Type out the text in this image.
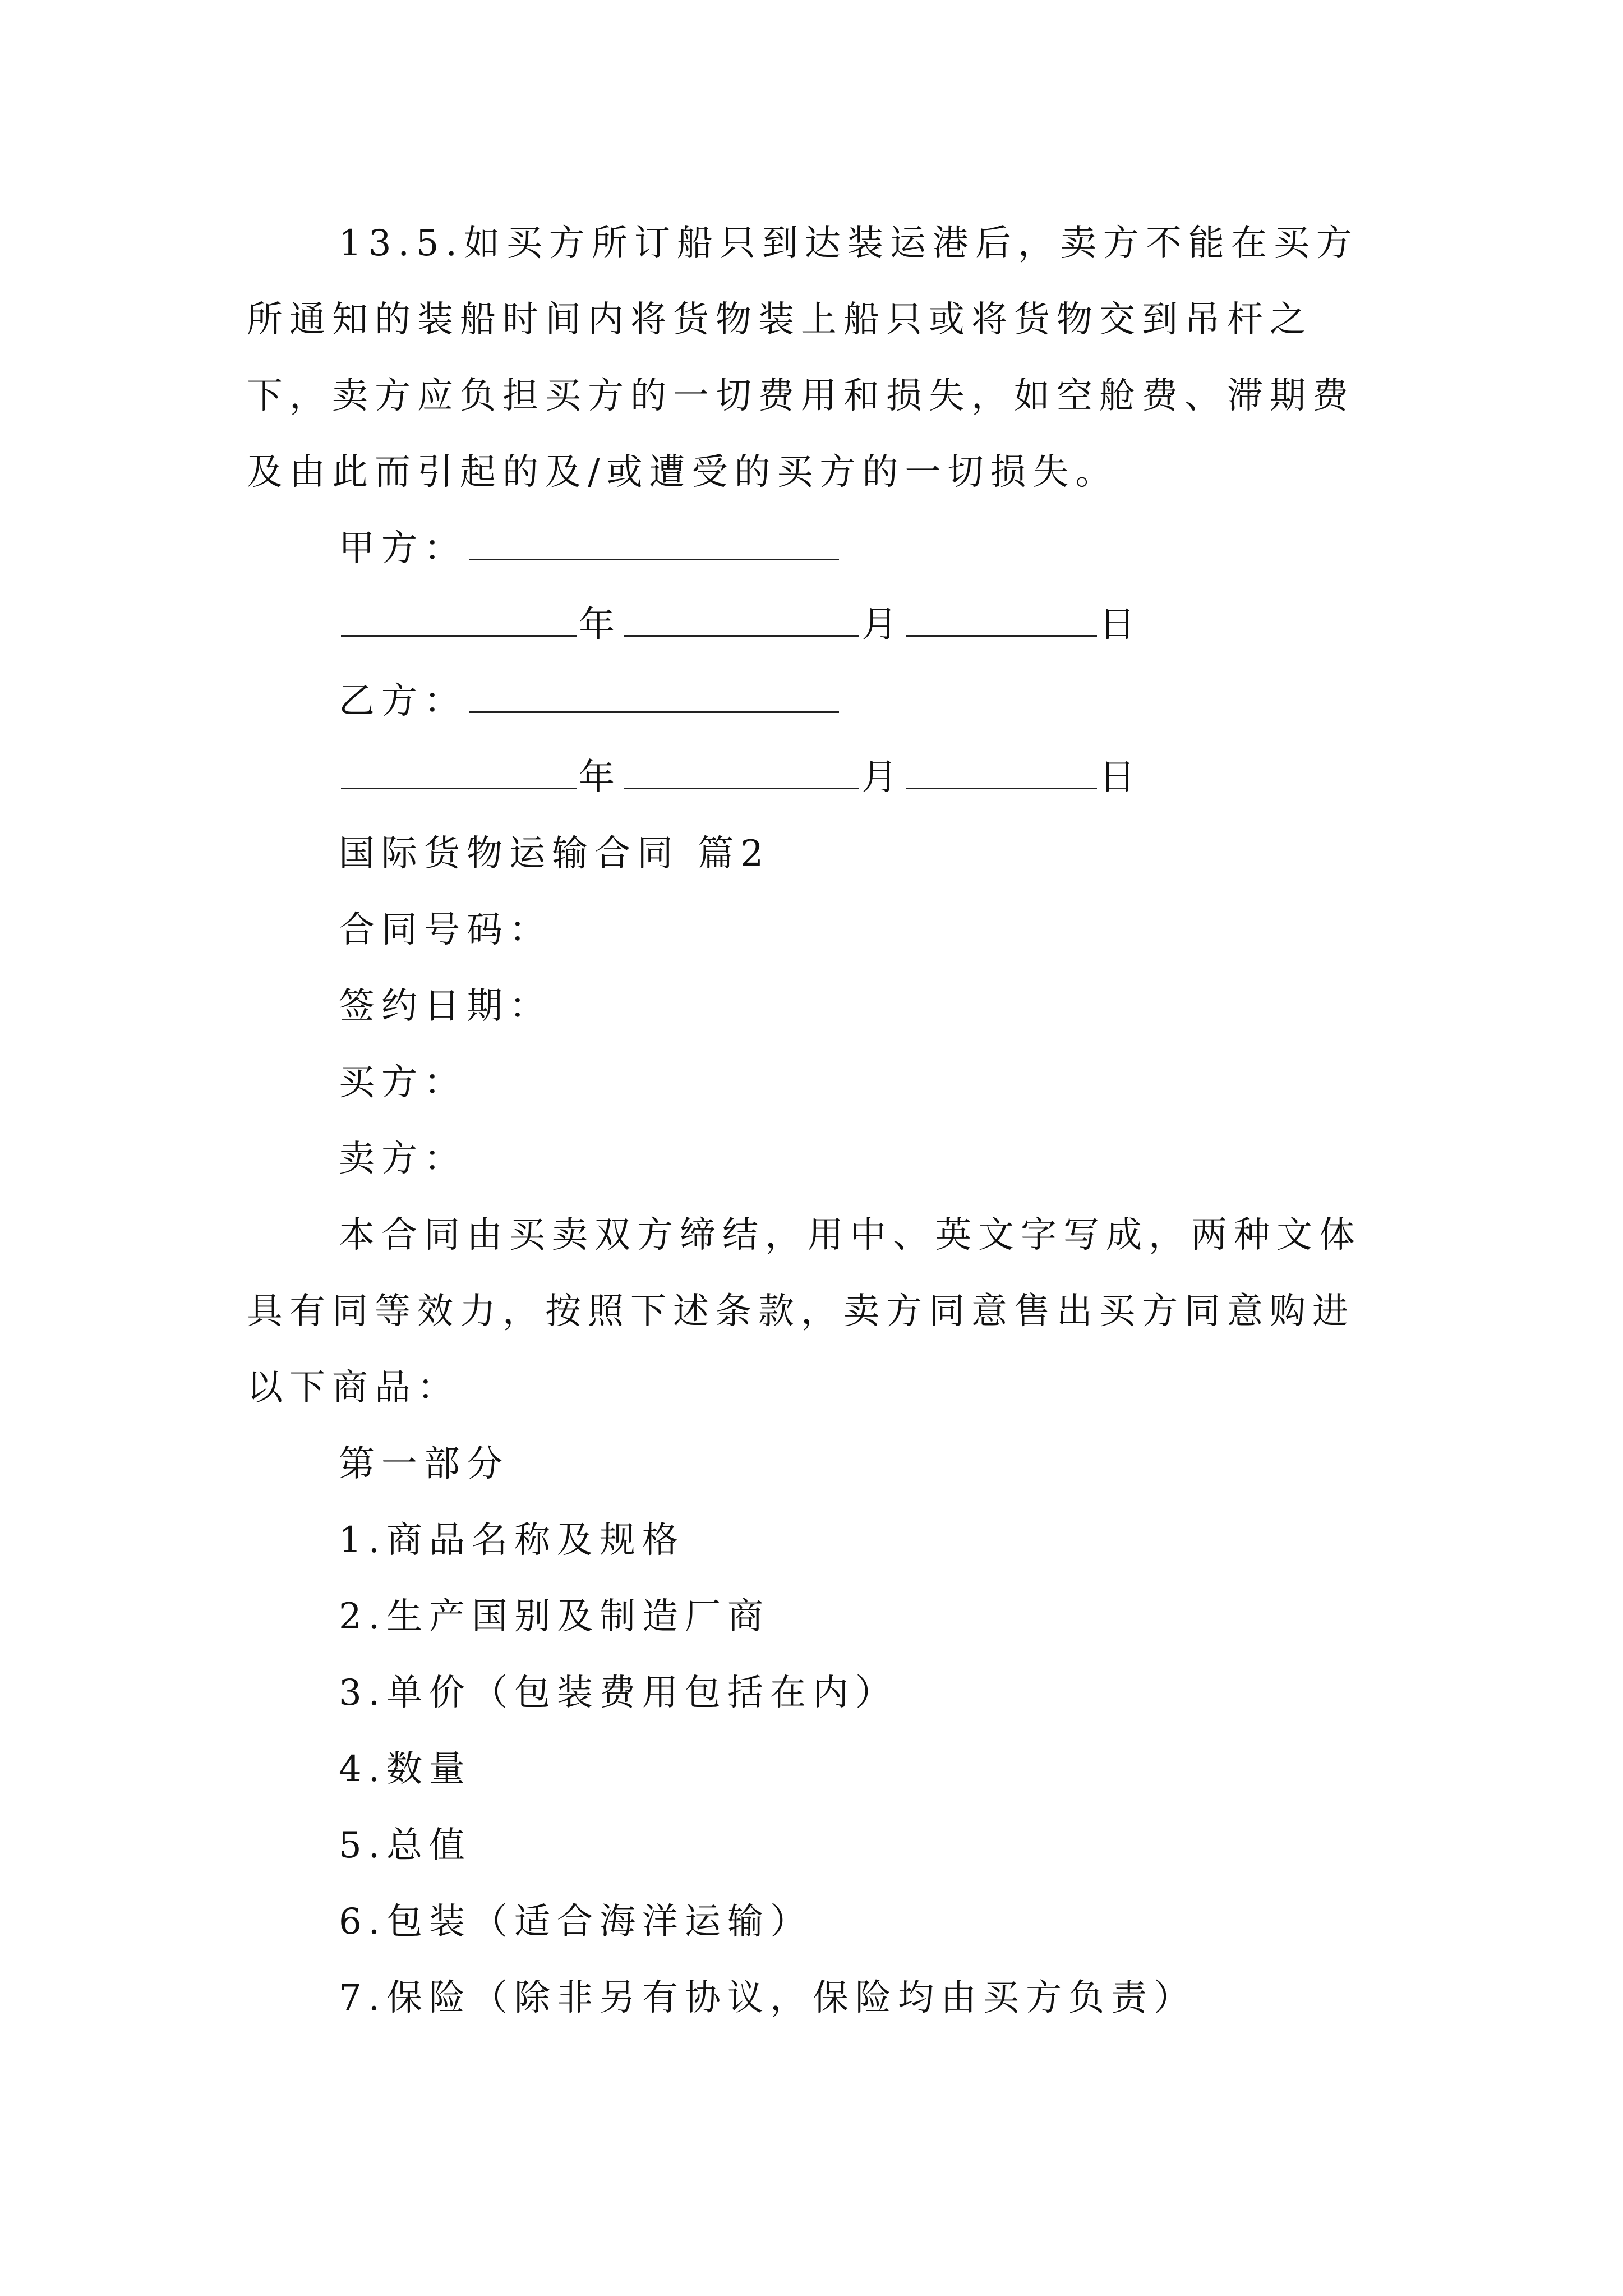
13.5.如买方所订船只到达装运港后，卖方不能在买方
所通知的装船时间内将货物装上船只或将货物交到吊杆之
下，卖方应负担买方的一切费用和损失，如空舱费、滞期费
及由此而引起的及/或遭受的买方的一切损失。
甲方：
年	月	日
乙方：
年	月	日
国际货物运输合同 篇2
合同号码：
签约日期：
买方：
卖方：
本合同由买卖双方缔结，用中、英文字写成，两种文体
具有同等效力，按照下述条款，卖方同意售出买方同意购进
以下商品：
第一部分
1.商品名称及规格
2.生产国别及制造厂商
3.单价（包装费用包括在内）
4.数量
5.总值
6.包装（适合海洋运输）
7.保险（除非另有协议，保险均由买方负责）
